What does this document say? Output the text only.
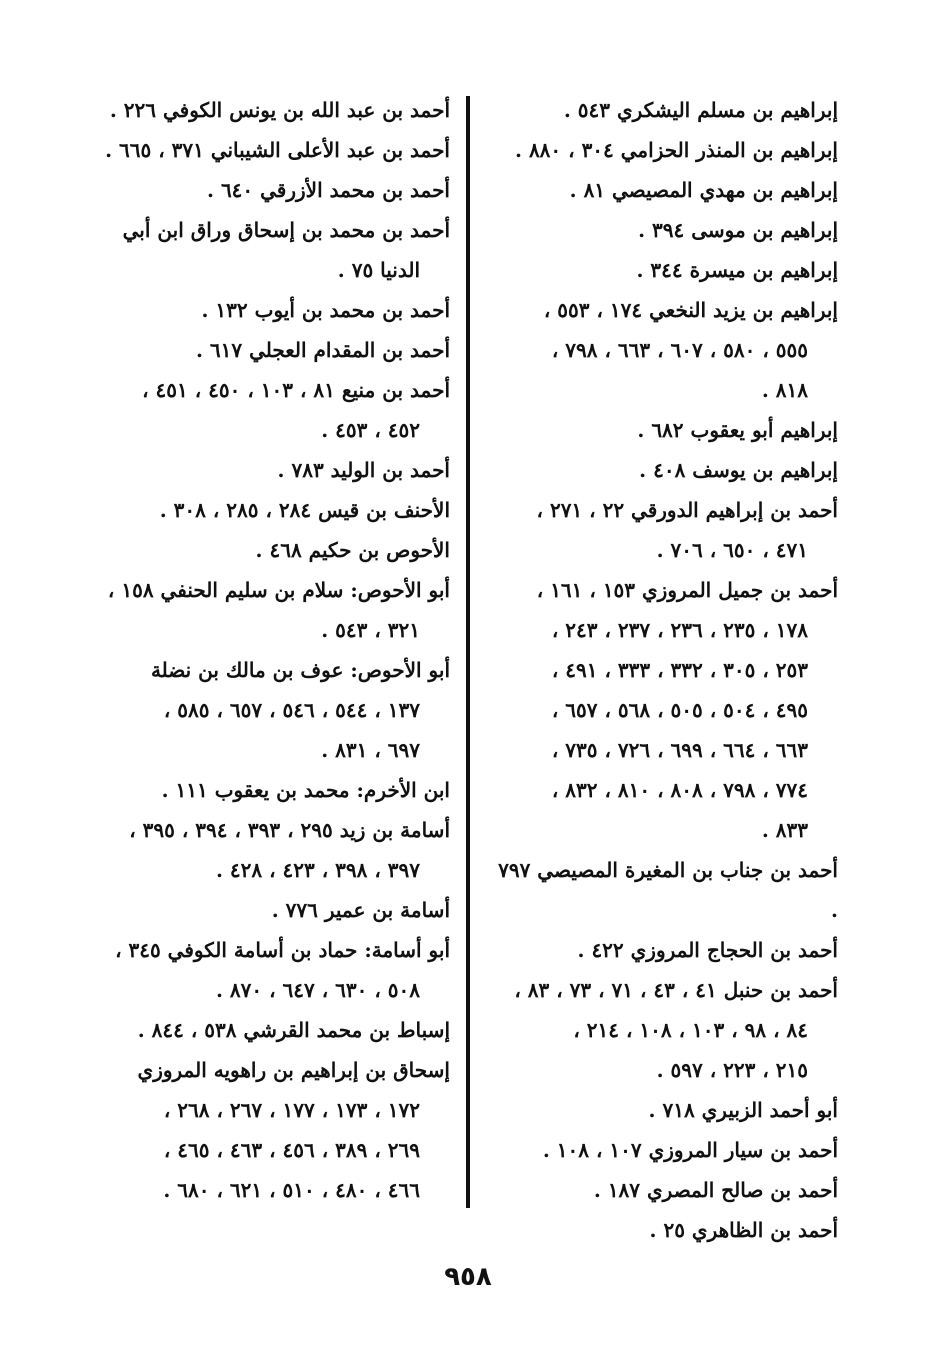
إبراهيم بن مسلم اليشكري ٥٤٣ .
إبراهيم بن المنذر الحزامي ٣٠٤ ، ٨٨٠ .
إبراهيم بن مهدي المصيصي ٨١ .
إبراهيم بن موسى ٣٩٤ .
إبراهيم بن ميسرة ٣٤٤ .
إبراهيم بن يزيد النخعي ١٧٤ ، ٥٥٣ ،
٥٥٥ ، ٥٨٠ ، ٦٠٧ ، ٦٦٣ ، ٧٩٨ ،
٨١٨ .
إبراهيم أبو يعقوب ٦٨٢ .
إبراهيم بن يوسف ٤٠٨ .
أحمد بن إبراهيم الدورقي ٢٢ ، ٢٧١ ،
٤٧١ ، ٦٥٠ ، ٧٠٦ .
أحمد بن جميل المروزي ١٥٣ ، ١٦١ ،
١٧٨ ، ٢٣٥ ، ٢٣٦ ، ٢٣٧ ، ٢٤٣ ،
٢٥٣ ، ٣٠٥ ، ٣٣٢ ، ٣٣٣ ، ٤٩١ ،
٤٩٥ ، ٥٠٤ ، ٥٠٥ ، ٥٦٨ ، ٦٥٧ ،
٦٦٣ ، ٦٦٤ ، ٦٩٩ ، ٧٢٦ ، ٧٣٥ ،
٧٧٤ ، ٧٩٨ ، ٨٠٨ ، ٨١٠ ، ٨٣٢ ،
٨٣٣ .
أحمد بن جناب بن المغيرة المصيصي ٧٩٧ .
أحمد بن الحجاج المروزي ٤٢٢ .
أحمد بن حنبل ٤١ ، ٤٣ ، ٧١ ، ٧٣ ، ٨٣ ،
٨٤ ، ٩٨ ، ١٠٣ ، ١٠٨ ، ٢١٤ ،
٢١٥ ، ٢٢٣ ، ٥٩٧ .
أبو أحمد الزبيري ٧١٨ .
أحمد بن سيار المروزي ١٠٧ ، ١٠٨ .
أحمد بن صالح المصري ١٨٧ .
أحمد بن الظاهري ٢٥ .
أحمد بن عبد الله بن يونس الكوفي ٢٢٦ .
أحمد بن عبد الأعلى الشيباني ٣٧١ ، ٦٦٥ .
أحمد بن محمد الأزرقي ٦٤٠ .
أحمد بن محمد بن إسحاق وراق ابن أبي
الدنيا ٧٥ .
أحمد بن محمد بن أيوب ١٣٢ .
أحمد بن المقدام العجلي ٦١٧ .
أحمد بن منيع ٨١ ، ١٠٣ ، ٤٥٠ ، ٤٥١ ،
٤٥٢ ، ٤٥٣ .
أحمد بن الوليد ٧٨٣ .
الأحنف بن قيس ٢٨٤ ، ٢٨٥ ، ٣٠٨ .
الأحوص بن حكيم ٤٦٨ .
أبو الأحوص: سلام بن سليم الحنفي ١٥٨ ،
٣٢١ ، ٥٤٣ .
أبو الأحوص: عوف بن مالك بن نضلة
١٣٧ ، ٥٤٤ ، ٥٤٦ ، ٦٥٧ ، ٥٨٥ ،
٦٩٧ ، ٨٣١ .
ابن الأخرم: محمد بن يعقوب ١١١ .
أسامة بن زيد ٢٩٥ ، ٣٩٣ ، ٣٩٤ ، ٣٩٥ ،
٣٩٧ ، ٣٩٨ ، ٤٢٣ ، ٤٢٨ .
أسامة بن عمير ٧٧٦ .
أبو أسامة: حماد بن أسامة الكوفي ٣٤٥ ،
٥٠٨ ، ٦٣٠ ، ٦٤٧ ، ٨٧٠ .
إسباط بن محمد القرشي ٥٣٨ ، ٨٤٤ .
إسحاق بن إبراهيم بن راهويه المروزي
١٧٢ ، ١٧٣ ، ١٧٧ ، ٢٦٧ ، ٢٦٨ ،
٢٦٩ ، ٣٨٩ ، ٤٥٦ ، ٤٦٣ ، ٤٦٥ ،
٤٦٦ ، ٤٨٠ ، ٥١٠ ، ٦٢١ ، ٦٨٠ .
٩٥٨
